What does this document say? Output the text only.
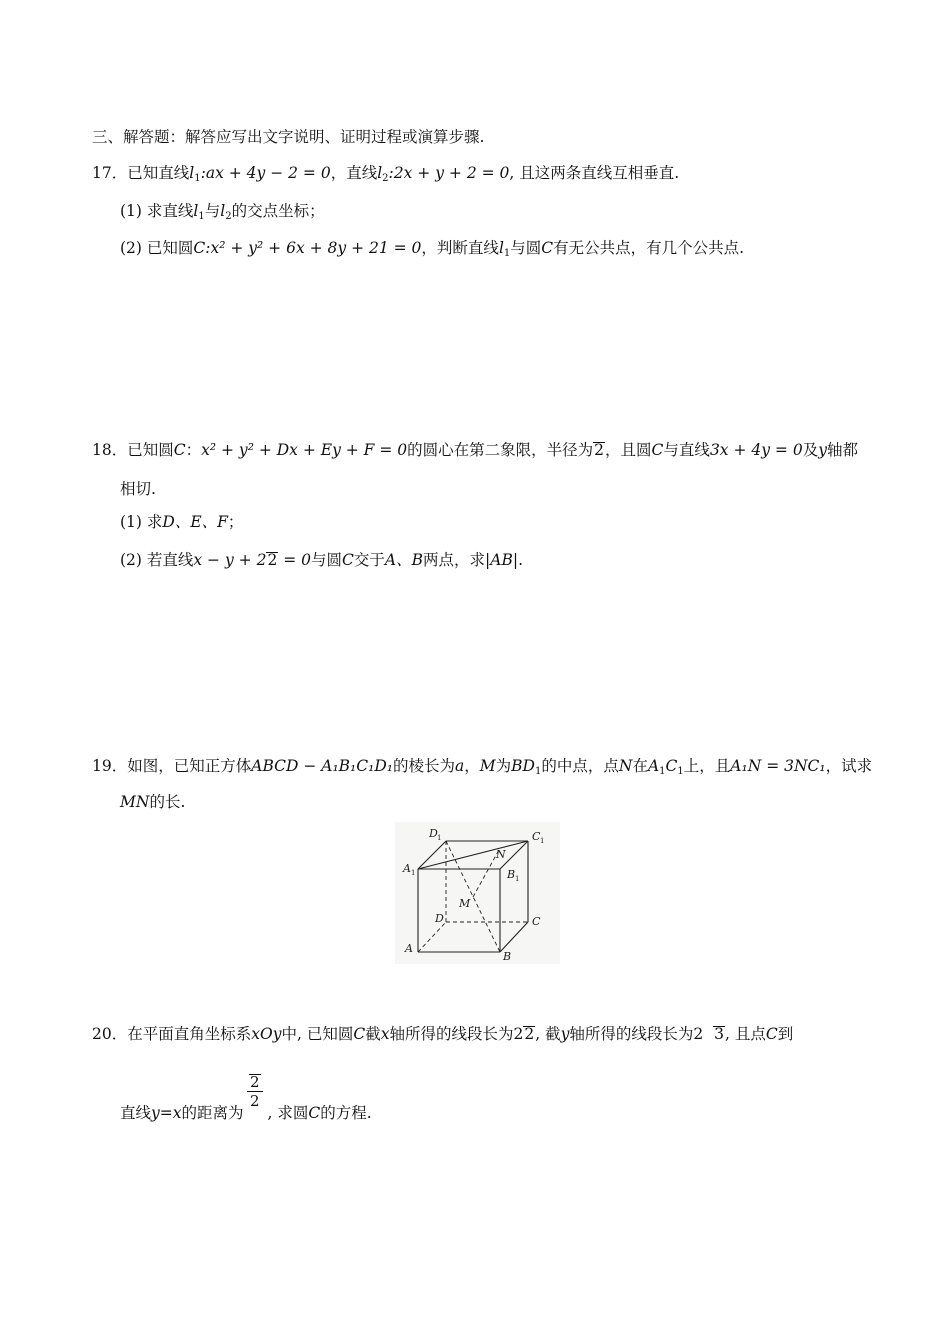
三、解答题：解答应写出文字说明、证明过程或演算步骤.
17．已知直线$l_1:ax + 4y - 2 = 0$，直线$l_2:2x + y + 2 = 0$, 且这两条直线互相垂直.
(1) 求直线$l_1$与$l_2$的交点坐标；
(2) 已知圆C:x² + y² + 6x + 8y + 21 = 0，判断直线$l_1$与圆C有无公共点，有几个公共点.
18．已知圆C：x² + y² + Dx + Ey + F = 0的圆心在第二象限，半径为2，且圆C与直线3x + 4y = 0及y轴都
相切.
(1) 求D、E、F；
(2) 若直线x − y + 22 = 0与圆C交于A、B两点，求|AB|.
19．如图，已知正方体ABCD − A₁B₁C₁D₁的棱长为a，M为$BD_1$的中点，点N在$A_1C_1$上，且A₁N = 3NC₁，试求
MN的长.
D 1	C 1
A 1	B 1
N
M
D	C
A
B
20．在平面直角坐标系xOy中, 已知圆C截x轴所得的线段长为22, 截y轴所得的线段长为2 3, 且点C到
直线y=x的距离为 , 求圆C的方程.
$\frac{2}{2}$
